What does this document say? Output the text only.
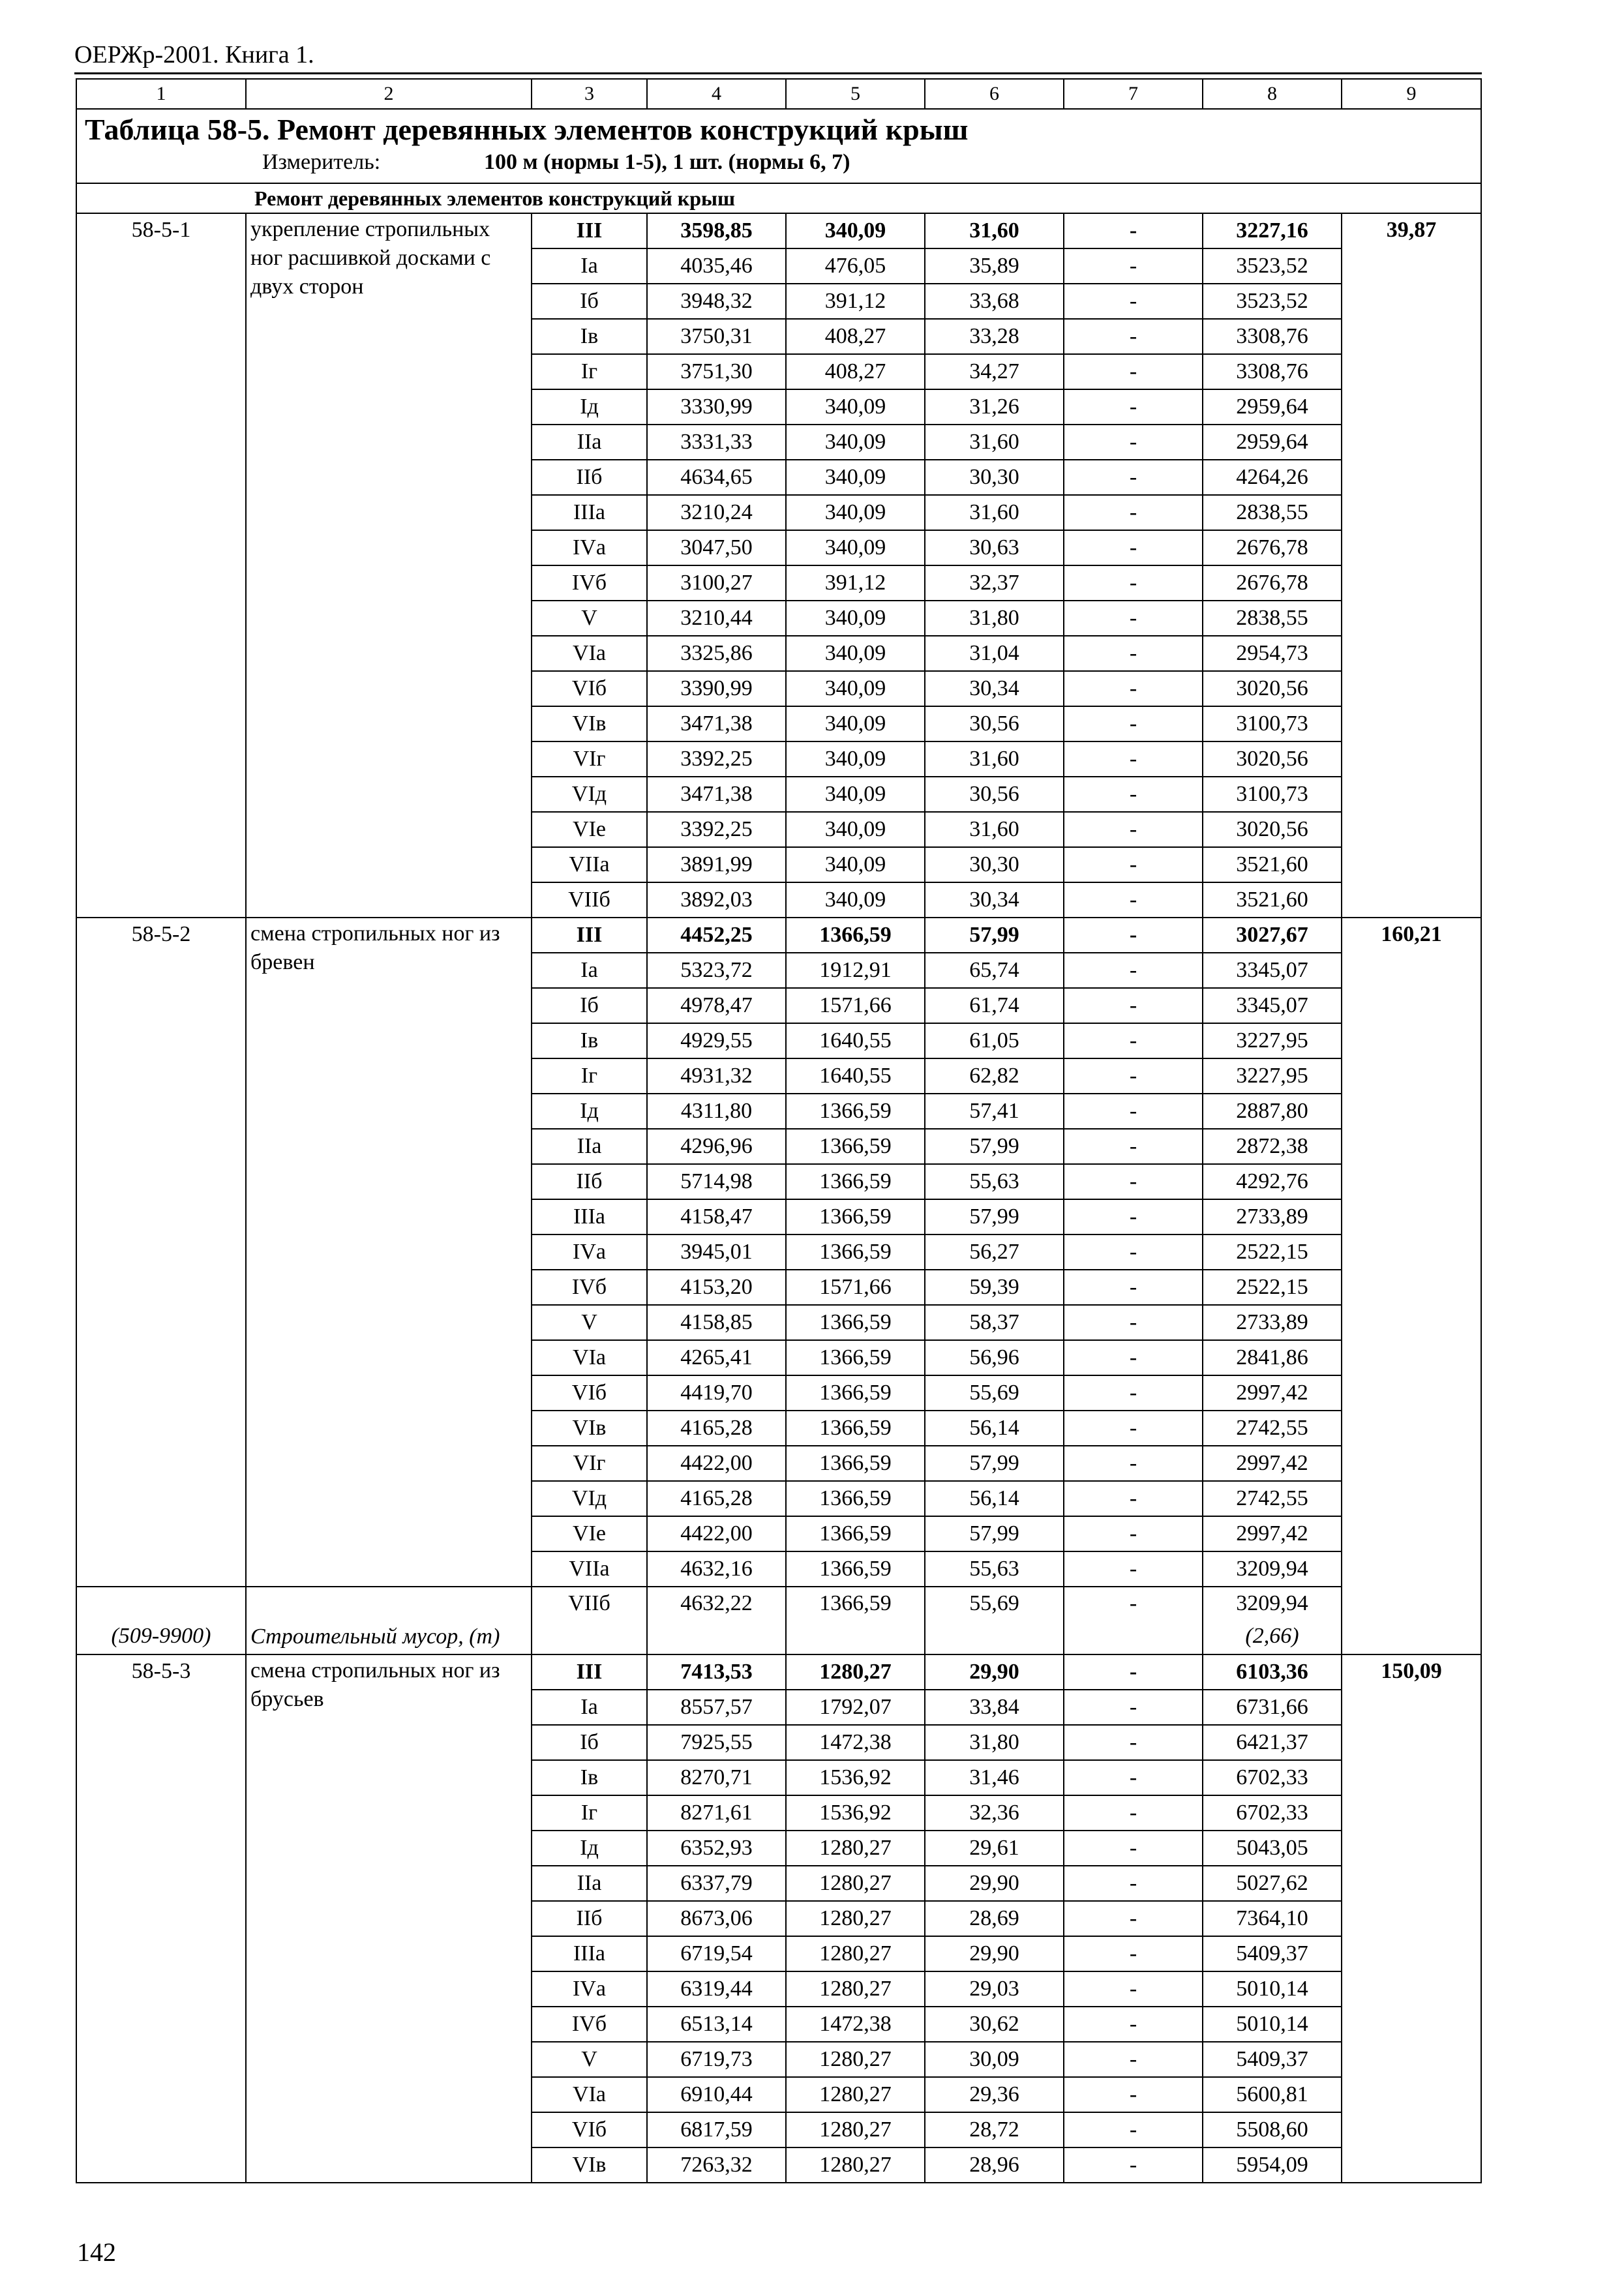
ОЕРЖр-2001. Книга 1.
1	2	3	4	5	6	7	8	9

Таблица 58-5. Ремонт деревянных элементов конструкций крыш
Измеритель: 100 м (нормы 1-5), 1 шт. (нормы 6, 7)								

Ремонт деревянных элементов конструкций крыш								
58-5-1	укрепление стропильных ног расшивкой досками с двух сторон	III	3598,85	340,09	31,60	-	3227,16	39,87

		Iа	4035,46	476,05	35,89	-	3523,52	

		Iб	3948,32	391,12	33,68	-	3523,52	

		Iв	3750,31	408,27	33,28	-	3308,76	

		Iг	3751,30	408,27	34,27	-	3308,76	

		Iд	3330,99	340,09	31,26	-	2959,64	

		IIа	3331,33	340,09	31,60	-	2959,64	

		IIб	4634,65	340,09	30,30	-	4264,26	

		IIIа	3210,24	340,09	31,60	-	2838,55	

		IVа	3047,50	340,09	30,63	-	2676,78	

		IVб	3100,27	391,12	32,37	-	2676,78	

		V	3210,44	340,09	31,80	-	2838,55	

		VIа	3325,86	340,09	31,04	-	2954,73	

		VIб	3390,99	340,09	30,34	-	3020,56	

		VIв	3471,38	340,09	30,56	-	3100,73	

		VIг	3392,25	340,09	31,60	-	3020,56	

		VIд	3471,38	340,09	30,56	-	3100,73	

		VIе	3392,25	340,09	31,60	-	3020,56	

		VIIа	3891,99	340,09	30,30	-	3521,60	

		VIIб	3892,03	340,09	30,34	-	3521,60	

58-5-2	смена стропильных ног из бревен	III	4452,25	1366,59	57,99	-	3027,67	160,21

		Iа	5323,72	1912,91	65,74	-	3345,07	

		Iб	4978,47	1571,66	61,74	-	3345,07	

		Iв	4929,55	1640,55	61,05	-	3227,95	

		Iг	4931,32	1640,55	62,82	-	3227,95	

		Iд	4311,80	1366,59	57,41	-	2887,80	

		IIа	4296,96	1366,59	57,99	-	2872,38	

		IIб	5714,98	1366,59	55,63	-	4292,76	

		IIIа	4158,47	1366,59	57,99	-	2733,89	

		IVа	3945,01	1366,59	56,27	-	2522,15	

		IVб	4153,20	1571,66	59,39	-	2522,15	

		V	4158,85	1366,59	58,37	-	2733,89	

		VIа	4265,41	1366,59	56,96	-	2841,86	

		VIб	4419,70	1366,59	55,69	-	2997,42	

		VIв	4165,28	1366,59	56,14	-	2742,55	

		VIг	4422,00	1366,59	57,99	-	2997,42	

		VIд	4165,28	1366,59	56,14	-	2742,55	

		VIе	4422,00	1366,59	57,99	-	2997,42	

		VIIа	4632,16	1366,59	55,63	-	3209,94	

(509-9900)	Строительный мусор, (т)	VIIб	4632,22	1366,59	55,69	-	3209,94
(2,66)	

58-5-3	смена стропильных ног из брусьев	III	7413,53	1280,27	29,90	-	6103,36	150,09

		Iа	8557,57	1792,07	33,84	-	6731,66	

		Iб	7925,55	1472,38	31,80	-	6421,37	

		Iв	8270,71	1536,92	31,46	-	6702,33	

		Iг	8271,61	1536,92	32,36	-	6702,33	

		Iд	6352,93	1280,27	29,61	-	5043,05	

		IIа	6337,79	1280,27	29,90	-	5027,62	

		IIб	8673,06	1280,27	28,69	-	7364,10	

		IIIа	6719,54	1280,27	29,90	-	5409,37	

		IVа	6319,44	1280,27	29,03	-	5010,14	

		IVб	6513,14	1472,38	30,62	-	5010,14	

		V	6719,73	1280,27	30,09	-	5409,37	

		VIа	6910,44	1280,27	29,36	-	5600,81	

		VIб	6817,59	1280,27	28,72	-	5508,60	

		VIв	7263,32	1280,27	28,96	-	5954,09	
142
